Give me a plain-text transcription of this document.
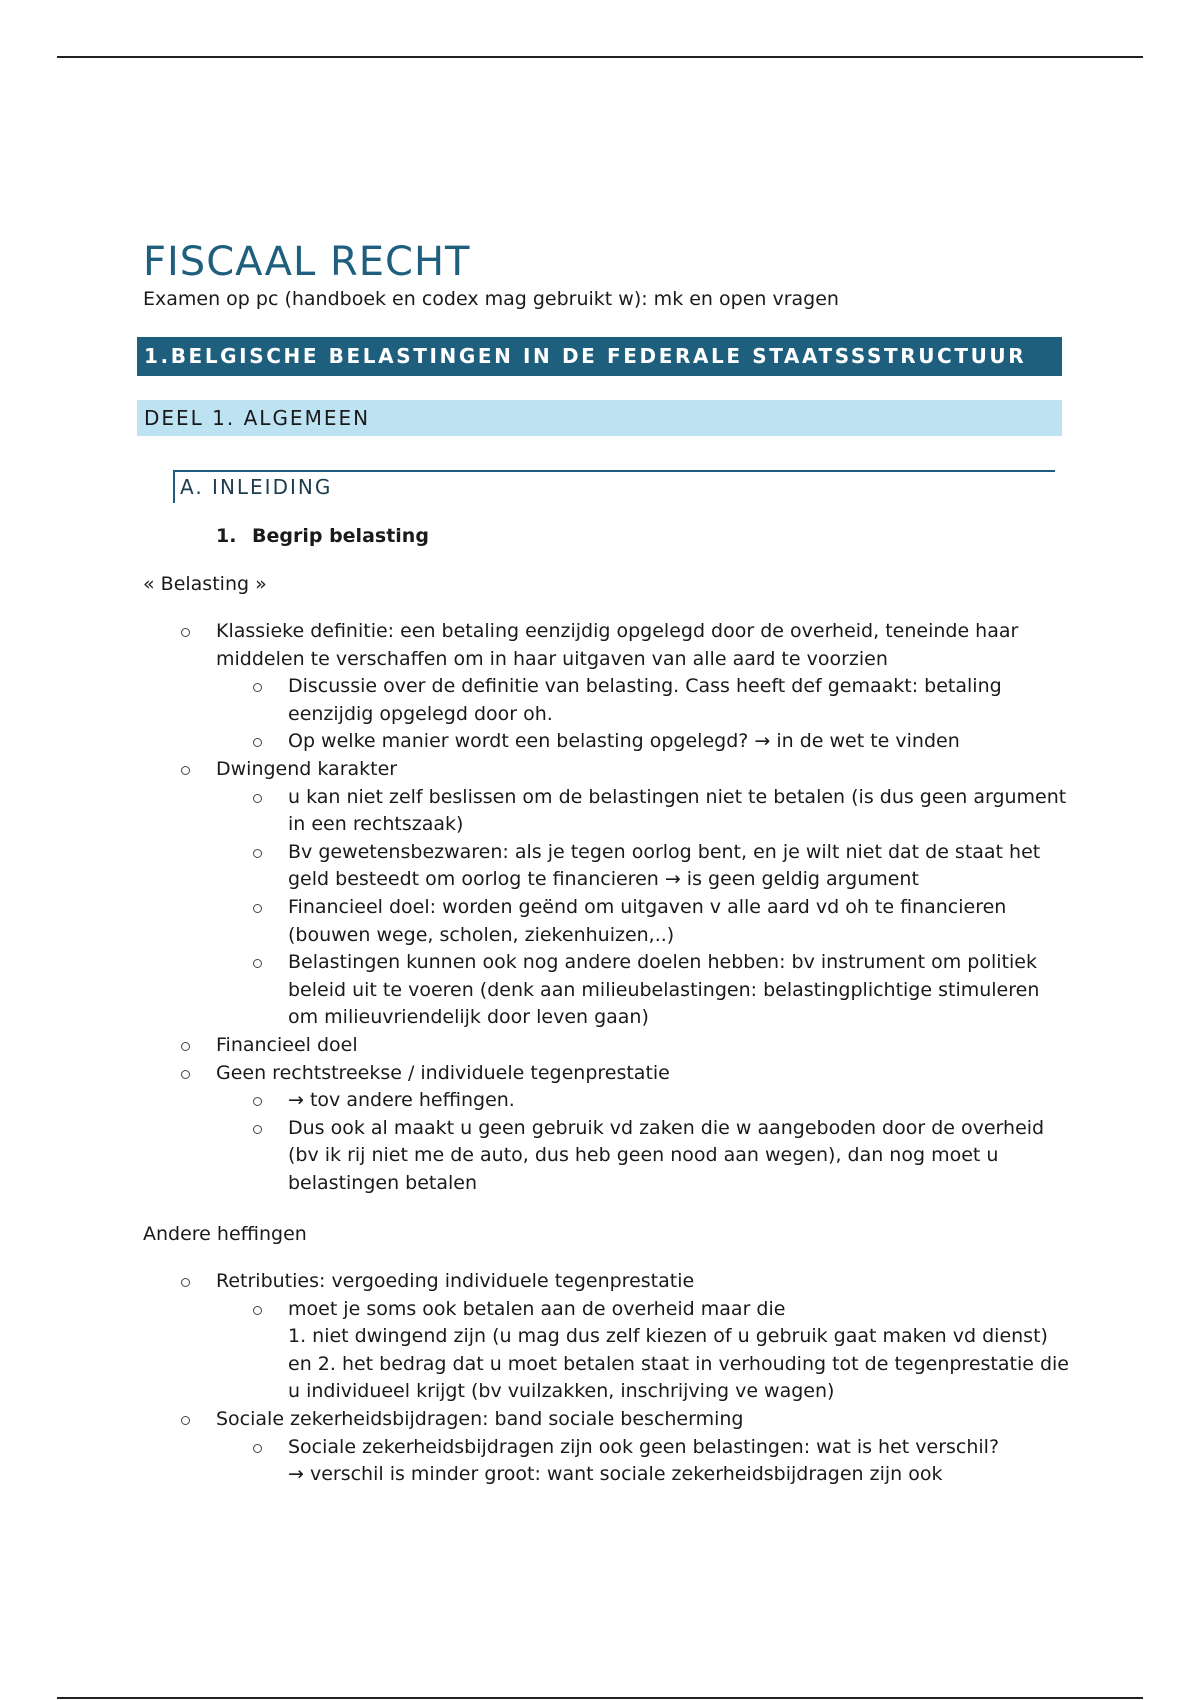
FISCAAL RECHT
Examen op pc (handboek en codex mag gebruikt w): mk en open vragen
1.BELGISCHE BELASTINGEN IN DE FEDERALE STAATSSSTRUCTUUR
DEEL 1. ALGEMEEN
A. INLEIDING
1. Begrip belasting
« Belasting »
Klassieke definitie: een betaling eenzijdig opgelegd door de overheid, teneinde haar middelen te verschaffen om in haar uitgaven van alle aard te voorzien
Discussie over de definitie van belasting. Cass heeft def gemaakt: betaling eenzijdig opgelegd door oh.
Op welke manier wordt een belasting opgelegd? → in de wet te vinden
Dwingend karakter
u kan niet zelf beslissen om de belastingen niet te betalen (is dus geen argument in een rechtszaak)
Bv gewetensbezwaren: als je tegen oorlog bent, en je wilt niet dat de staat het geld besteedt om oorlog te financieren → is geen geldig argument
Financieel doel: worden geënd om uitgaven v alle aard vd oh te financieren (bouwen wege, scholen, ziekenhuizen,..)
Belastingen kunnen ook nog andere doelen hebben: bv instrument om politiek beleid uit te voeren (denk aan milieubelastingen: belastingplichtige stimuleren om milieuvriendelijk door leven gaan)
Financieel doel
Geen rechtstreekse / individuele tegenprestatie
→ tov andere heffingen.
Dus ook al maakt u geen gebruik vd zaken die w aangeboden door de overheid (bv ik rij niet me de auto, dus heb geen nood aan wegen), dan nog moet u belastingen betalen
Andere heffingen
Retributies: vergoeding individuele tegenprestatie
moet je soms ook betalen aan de overheid maar die
1. niet dwingend zijn (u mag dus zelf kiezen of u gebruik gaat maken vd dienst)
en 2. het bedrag dat u moet betalen staat in verhouding tot de tegenprestatie die u individueel krijgt (bv vuilzakken, inschrijving ve wagen)
Sociale zekerheidsbijdragen: band sociale bescherming
Sociale zekerheidsbijdragen zijn ook geen belastingen: wat is het verschil?
→ verschil is minder groot: want sociale zekerheidsbijdragen zijn ook
